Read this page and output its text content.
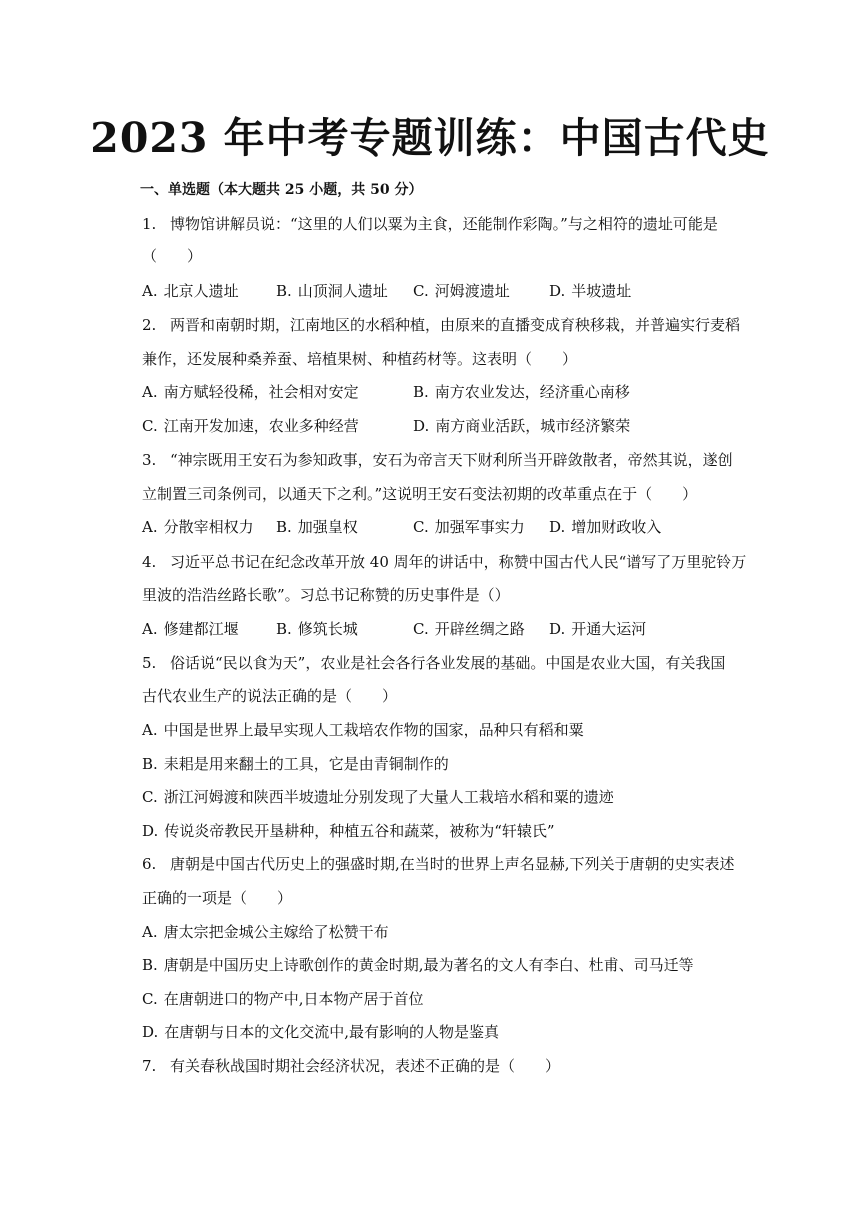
2023 年中考专题训练：中国古代史
一、单选题（本大题共 25 小题，共 50 分）
1. 博物馆讲解员说：“这里的人们以粟为主食，还能制作彩陶。”与之相符的遗址可能是
（　　）
A. 北京人遗址 B. 山顶洞人遗址 C. 河姆渡遗址	D. 半坡遗址
2. 两晋和南朝时期，江南地区的水稻种植，由原来的直播变成育秧移栽，并普遍实行麦稻
兼作，还发展种桑养蚕、培植果树、种植药材等。这表明（　　）
A. 南方赋轻役稀，社会相对安定	B. 南方农业发达，经济重心南移
C. 江南开发加速，农业多种经营	D. 南方商业活跃，城市经济繁荣
3. “神宗既用王安石为参知政事，安石为帝言天下财利所当开辟敛散者，帝然其说，遂创
立制置三司条例司，以通天下之利。”这说明王安石变法初期的改革重点在于（　　）
A. 分散宰相权力 B. 加强皇权	C. 加强军事实力 D. 增加财政收入
4. 习近平总书记在纪念改革开放 40 周年的讲话中，称赞中国古代人民“谱写了万里驼铃万
里波的浩浩丝路长歌”。习总书记称赞的历史事件是（）
A. 修建都江堰 B. 修筑长城	C. 开辟丝绸之路 D. 开通大运河
5. 俗话说“民以食为天”，农业是社会各行各业发展的基础。中国是农业大国，有关我国
古代农业生产的说法正确的是（　　）
A. 中国是世界上最早实现人工栽培农作物的国家，品种只有稻和粟
B. 耒耜是用来翻土的工具，它是由青铜制作的
C. 浙江河姆渡和陕西半坡遗址分别发现了大量人工栽培水稻和粟的遗迹
D. 传说炎帝教民开垦耕种，种植五谷和蔬菜，被称为“轩辕氏”
6. 唐朝是中国古代历史上的强盛时期,在当时的世界上声名显赫,下列关于唐朝的史实表述
正确的一项是（　　）
A. 唐太宗把金城公主嫁给了松赞干布
B. 唐朝是中国历史上诗歌创作的黄金时期,最为著名的文人有李白、杜甫、司马迁等
C. 在唐朝进口的物产中,日本物产居于首位
D. 在唐朝与日本的文化交流中,最有影响的人物是鉴真
7. 有关春秋战国时期社会经济状况，表述不正确的是（　　）
